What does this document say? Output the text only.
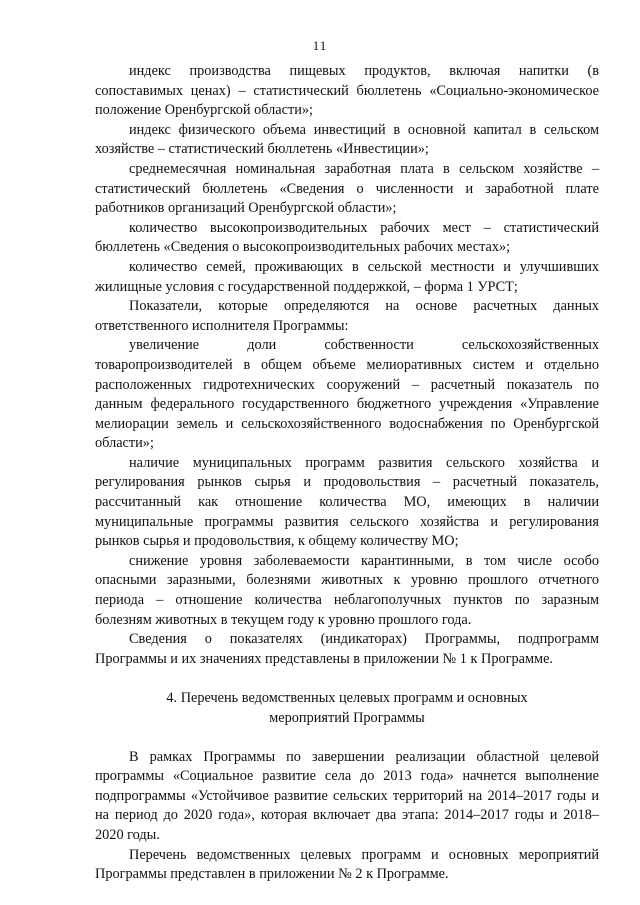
11

индекс производства пищевых продуктов, включая напитки (в сопоставимых ценах) – статистический бюллетень «Социально-экономическое положение Оренбургской области»;

индекс физического объема инвестиций в основной капитал в сельском хозяйстве – статистический бюллетень «Инвестиции»;

среднемесячная номинальная заработная плата в сельском хозяйстве – статистический бюллетень «Сведения о численности и заработной плате работников организаций Оренбургской области»;

количество высокопроизводительных рабочих мест – статистический бюллетень «Сведения о высокопроизводительных рабочих местах»;

количество семей, проживающих в сельской местности и улучшивших жилищные условия с государственной поддержкой, – форма 1 УРСТ;

Показатели, которые определяются на основе расчетных данных ответственного исполнителя Программы:

увеличение доли собственности сельскохозяйственных товаропроизводителей в общем объеме мелиоративных систем и отдельно расположенных гидротехнических сооружений – расчетный показатель по данным федерального государственного бюджетного учреждения «Управление мелиорации земель и сельскохозяйственного водоснабжения по Оренбургской области»;

наличие муниципальных программ развития сельского хозяйства и регулирования рынков сырья и продовольствия – расчетный показатель, рассчитанный как отношение количества МО, имеющих в наличии муниципальные программы развития сельского хозяйства и регулирования рынков сырья и продовольствия, к общему количеству МО;

снижение уровня заболеваемости карантинными, в том числе особо опасными заразными, болезнями животных к уровню прошлого отчетного периода – отношение количества неблагополучных пунктов по заразным болезням животных в текущем году к уровню прошлого года.

Сведения о показателях (индикаторах) Программы, подпрограмм Программы и их значениях представлены в приложении № 1 к Программе.

4. Перечень ведомственных целевых программ и основных мероприятий Программы

В рамках Программы по завершении реализации областной целевой программы «Социальное развитие села до 2013 года» начнется выполнение подпрограммы «Устойчивое развитие сельских территорий на 2014–2017 годы и на период до 2020 года», которая включает два этапа: 2014–2017 годы и 2018–2020 годы.

Перечень ведомственных целевых программ и основных мероприятий Программы представлен в приложении № 2 к Программе.
